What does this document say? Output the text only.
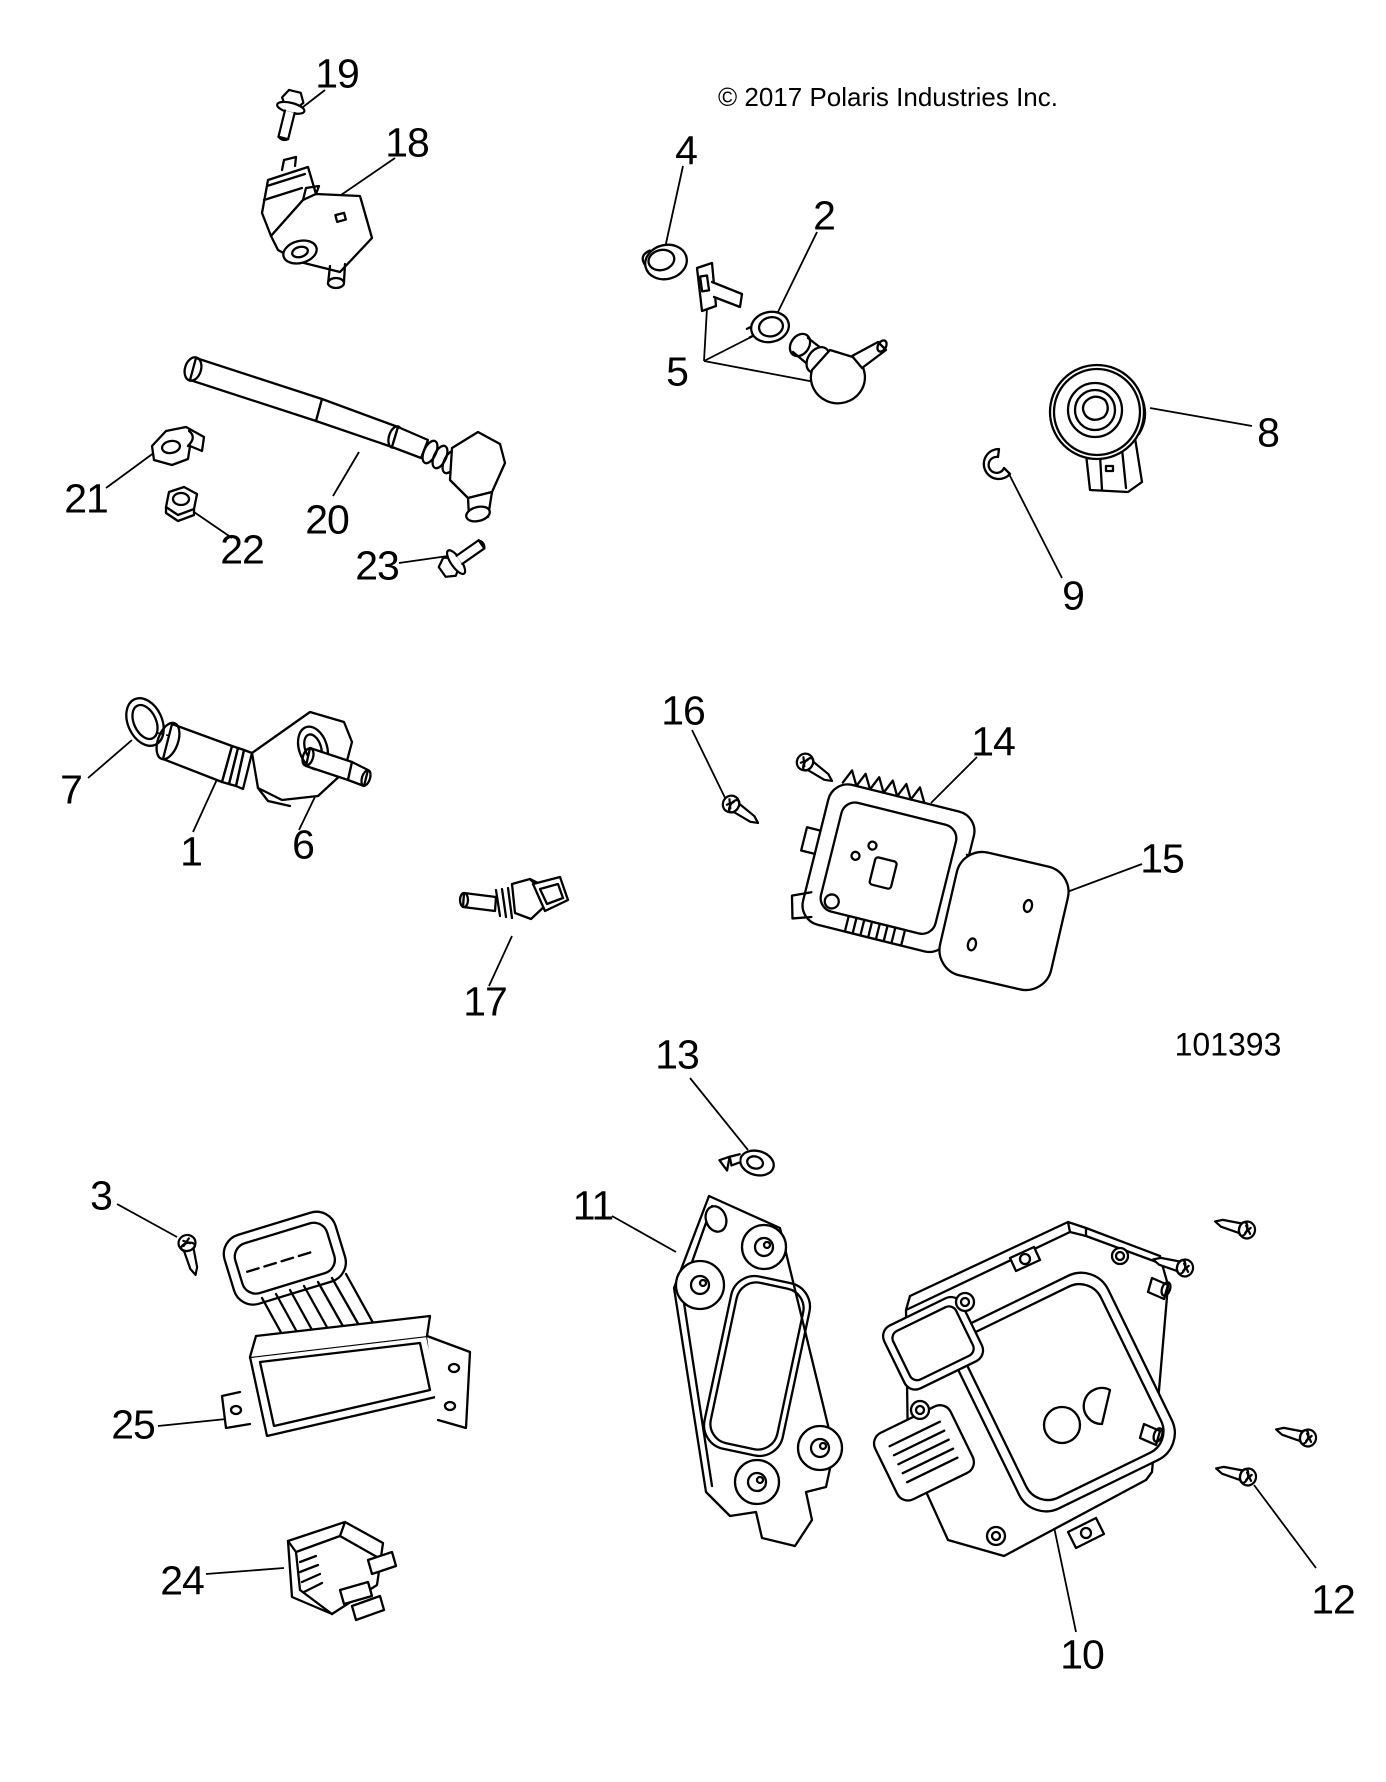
© 2017 Polaris Industries Inc.
101393
1
2
3
4
5
6
7
8
9
10
11
12
13
14
15
16
17
18
19
20
21
22 23
24
25
